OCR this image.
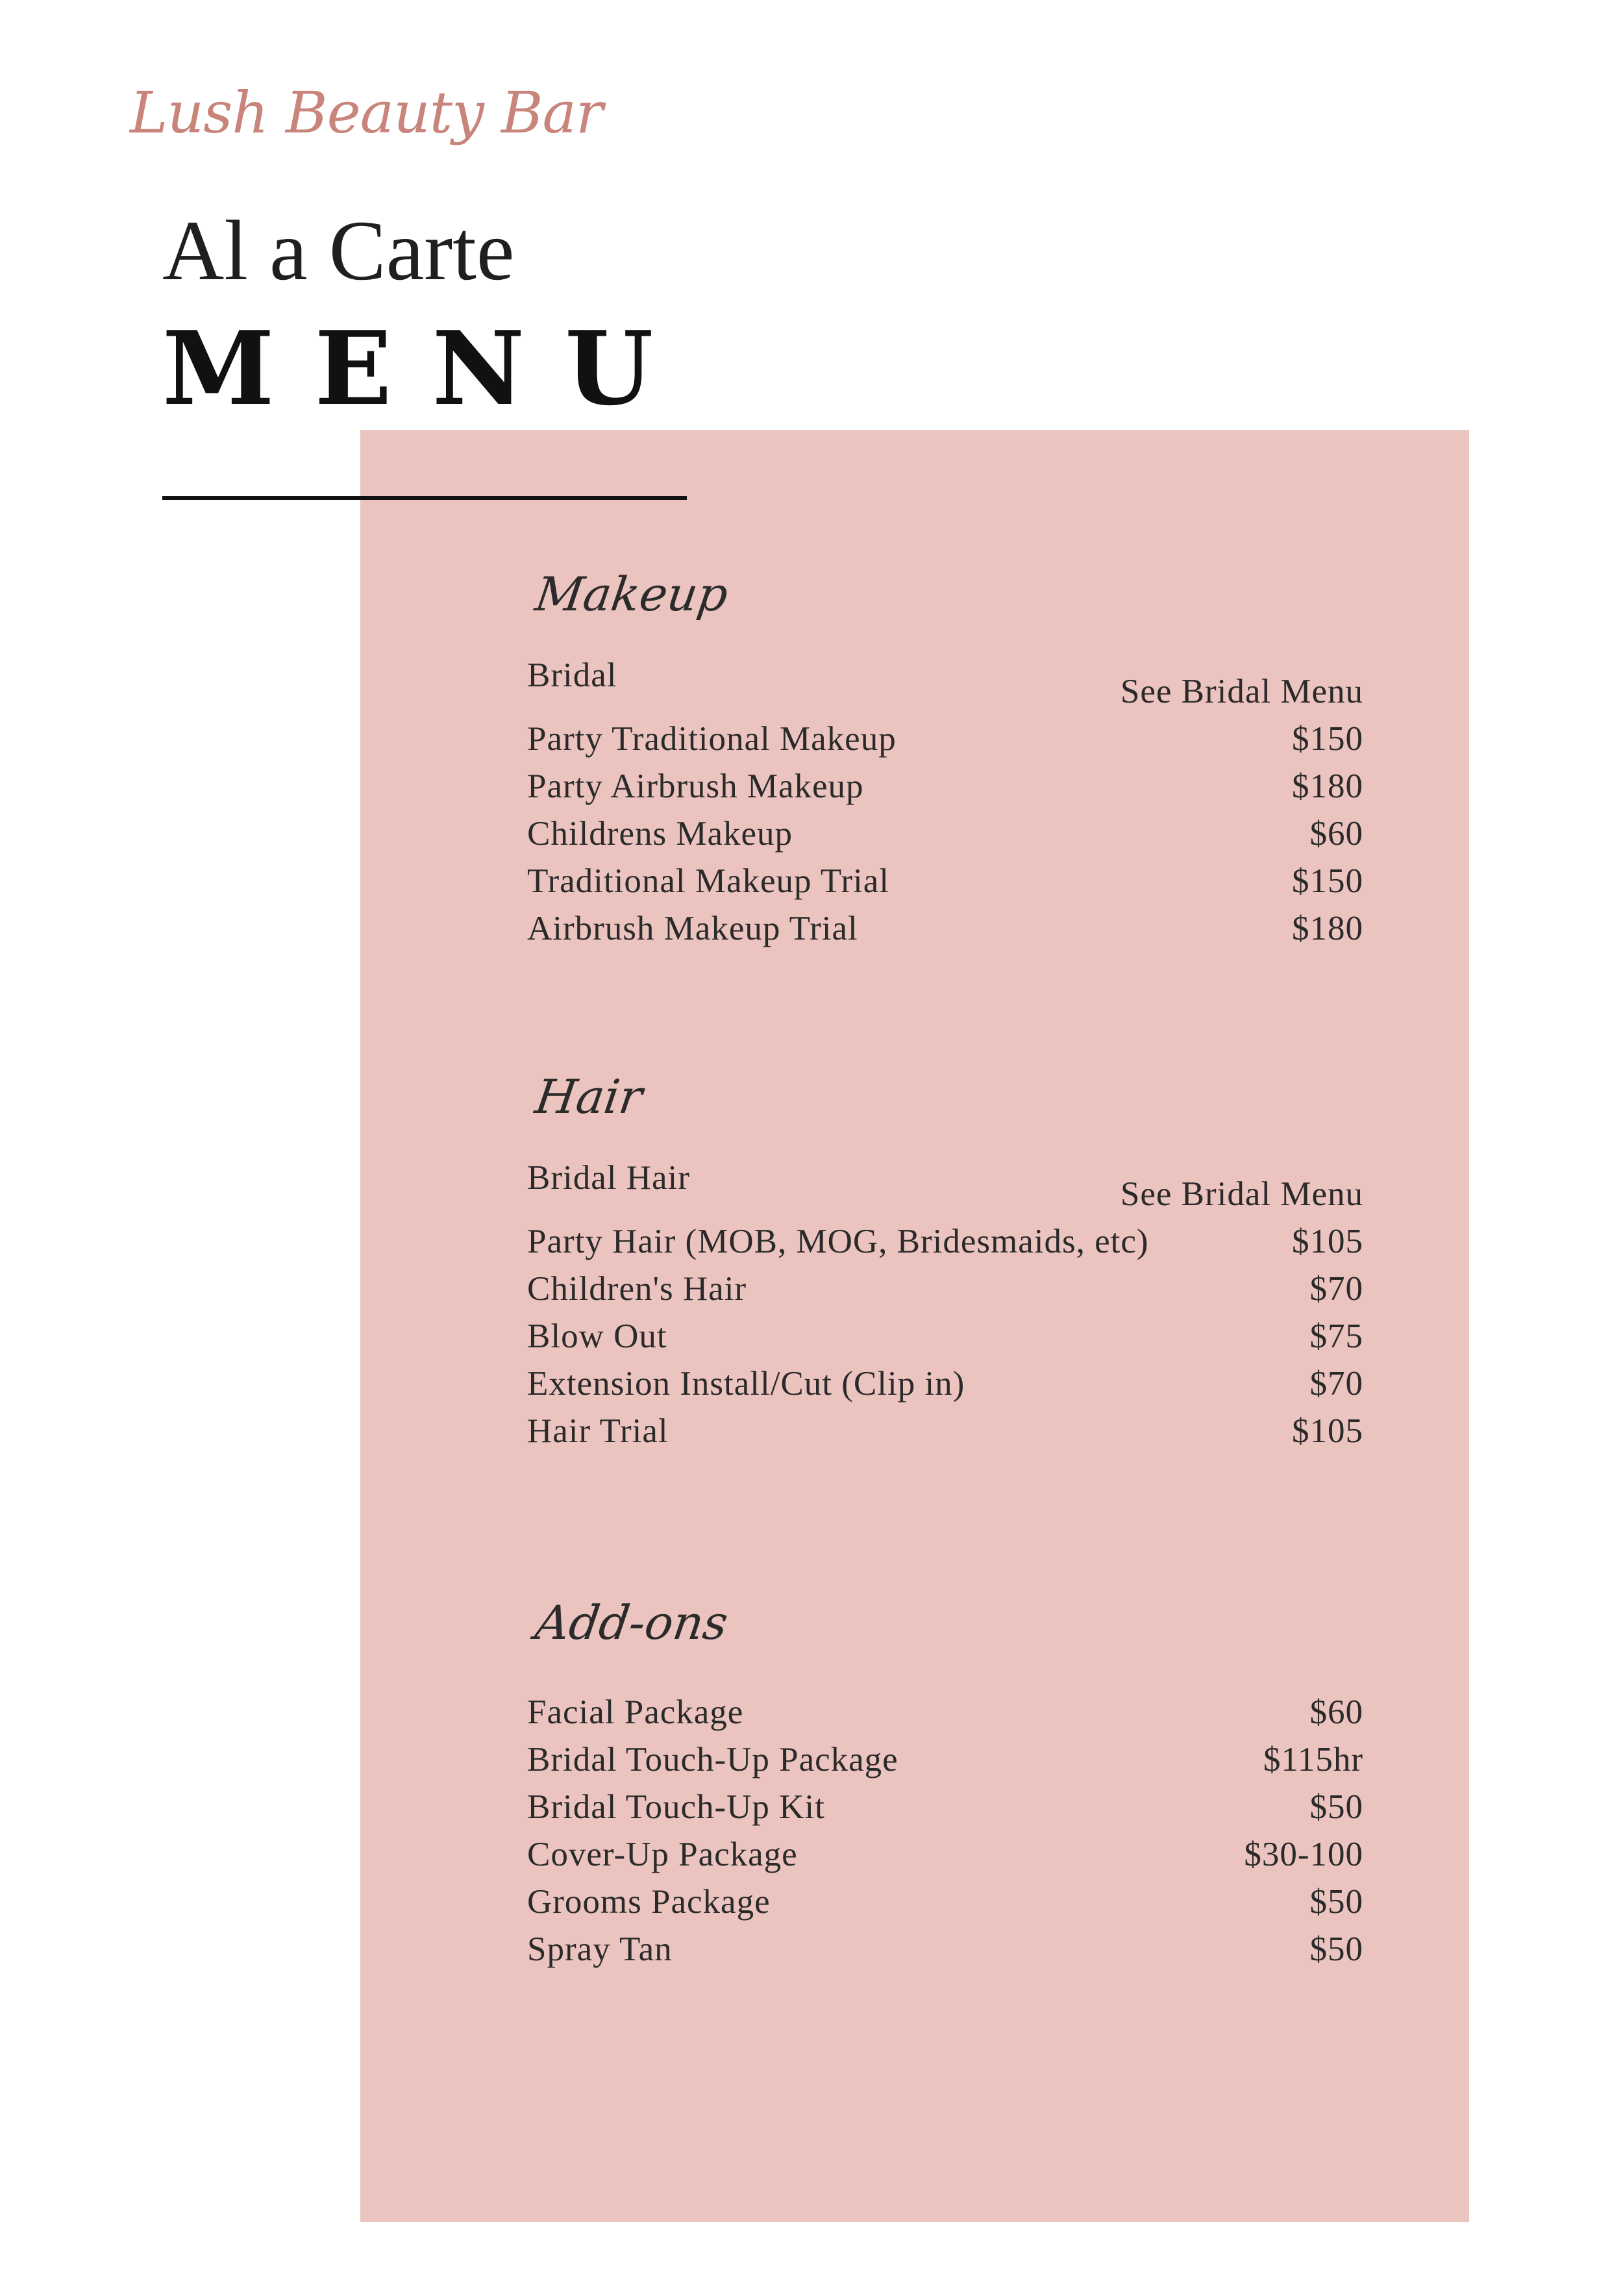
Lush Beauty Bar
Al a Carte
MENU
Makeup
Bridal	See Bridal Menu
Party Traditional Makeup	$150
Party Airbrush Makeup	$180
Childrens Makeup	$60
Traditional Makeup Trial	$150
Airbrush Makeup Trial	$180
Hair
Bridal Hair	See Bridal Menu
Party Hair (MOB, MOG, Bridesmaids, etc)	$105
Children's Hair	$70
Blow Out	$75
Extension Install/Cut (Clip in)	$70
Hair Trial	$105
Add-ons
Facial Package	$60
Bridal Touch-Up Package	$115hr
Bridal Touch-Up Kit	$50
Cover-Up Package	$30-100
Grooms Package	$50
Spray Tan	$50
